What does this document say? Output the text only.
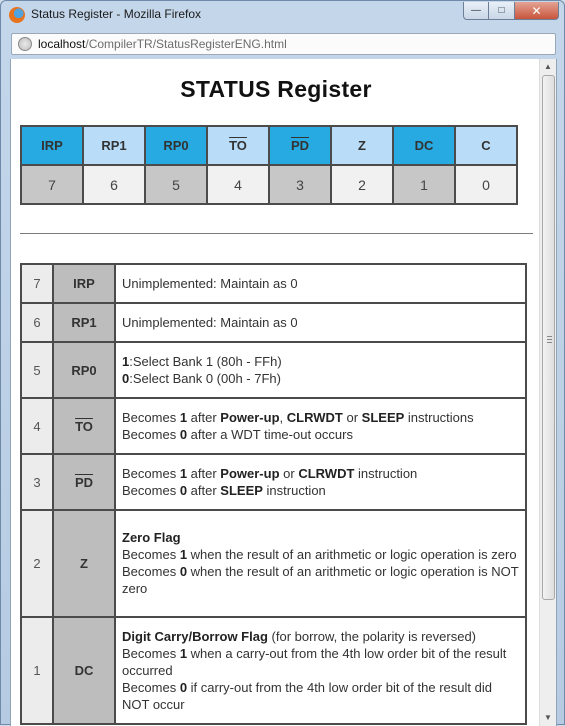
Status Register - Mozilla Firefox	— □ ✕
localhost /CompilerTR/StatusRegisterENG.html
STATUS Register
IRP	RP1	RP0	$\overline{TO}$	$\overline{PD}$	Z	DC	C
7	6	5	4	3	2	1	0
7	IRP	Unimplemented: Maintain as 0
6	RP1	Unimplemented: Maintain as 0
5	RP0	1:Select Bank 1 (80h - FFh)
0:Select Bank 0 (00h - 7Fh)
4	$\overline{TO}$	Becomes 1 after Power-up, CLRWDT or SLEEP instructions
Becomes 0 after a WDT time-out occurs
3	$\overline{PD}$	Becomes 1 after Power-up or CLRWDT instruction
Becomes 0 after SLEEP instruction
2	Z	Zero Flag
Becomes 1 when the result of an arithmetic or logic operation is zero
Becomes 0 when the result of an arithmetic or logic operation is NOT zero
1	DC	Digit Carry/Borrow Flag (for borrow, the polarity is reversed)
Becomes 1 when a carry-out from the 4th low order bit of the result occurred
Becomes 0 if carry-out from the 4th low order bit of the result did NOT occur
▲
▼
